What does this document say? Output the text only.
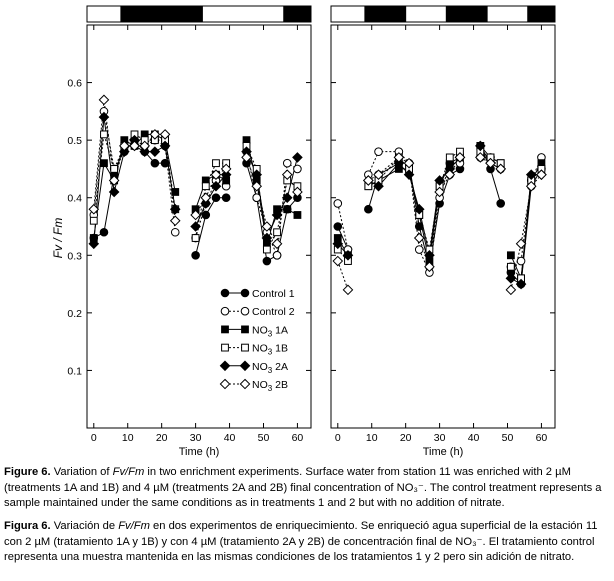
0 10 20 30 40 50 60
0.1
0.2
0.3
0.4
0.5
0.6
Time (h)
Fv / Fm
Control 1
Control 2
$NO_3$ 1A
$NO_3$ 1B
$NO_3$ 2A
$NO_3$ 2B
0 10 20 30 40 50 60
Time (h)
Figure 6. Variation of Fv/Fm in two enrichment experiments. Surface water from station 11 was enriched with 2 µM (treatments 1A and 1B) and 4 µM (treatments 2A and 2B) final concentration of NO₃⁻. The control treatment represents a sample maintained under the same conditions as in treatments 1 and 2 but with no addition of nitrate.
Figura 6. Variación de Fv/Fm en dos experimentos de enriquecimiento. Se enriqueció agua superficial de la estación 11 con 2 µM (tratamiento 1A y 1B) y con 4 µM (tratamiento 2A y 2B) de concentración final de NO₃⁻. El tratamiento control representa una muestra mantenida en las mismas condiciones de los tratamientos 1 y 2 pero sin adición de nitrato.
